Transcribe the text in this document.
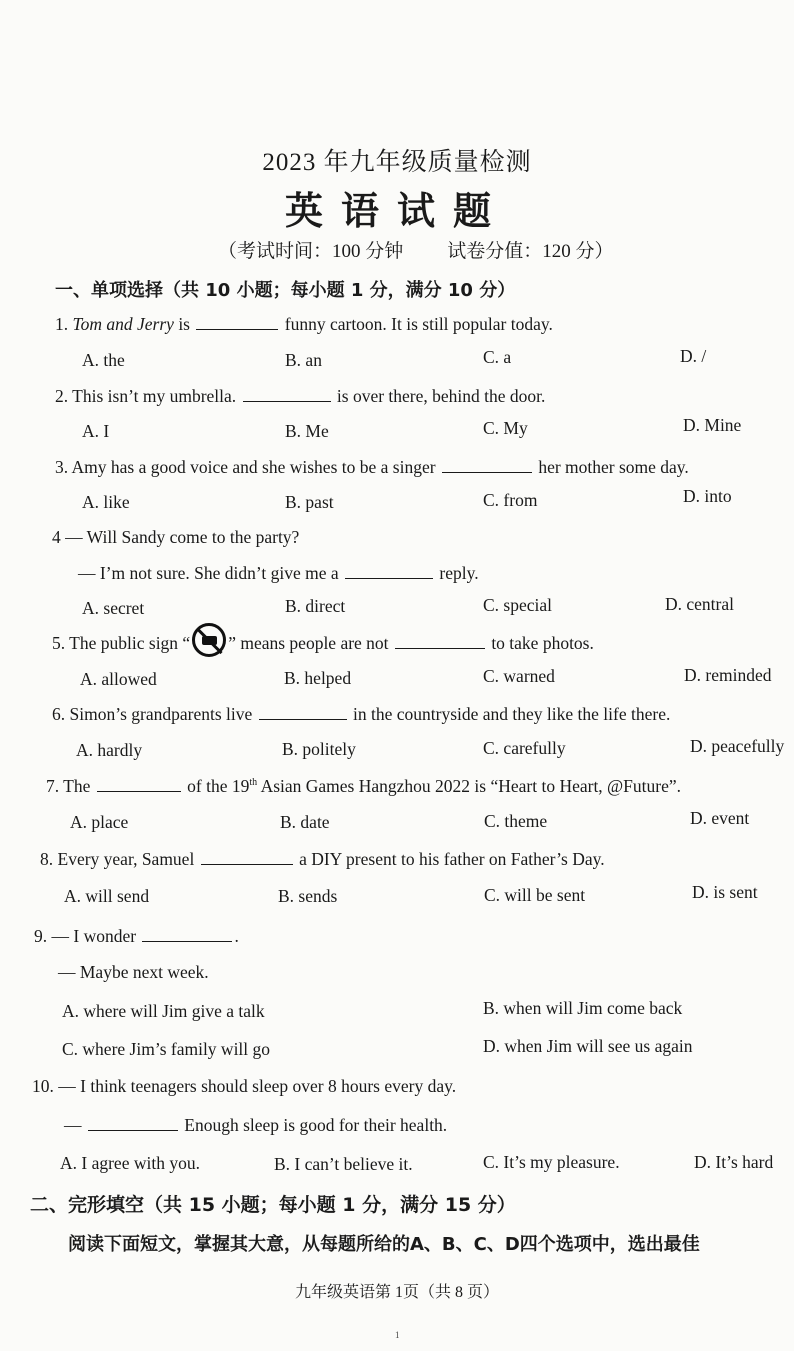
2023 年九年级质量检测
英语试题
（考试时间：100 分钟 试卷分值：120 分）
一、单项选择（共 10 小题；每小题 1 分，满分 10 分）
1. Tom and Jerry is	funny cartoon. It is still popular today.
A. the	B. an	C. a	D. /
2. This isn’t my umbrella.	is over there, behind the door.
A. I	B. Me	C. My	D. Mine
3. Amy has a good voice and she wishes to be a singer	her mother some day.
A. like	B. past	C. from	D. into
4 — Will Sandy come to the party?
— I’m not sure. She didn’t give me a	reply.
A. secret	B. direct	C. special	D. central
5. The public sign “ ” means people are not	to take photos.
A. allowed	B. helped	C. warned	D. reminded
6. Simon’s grandparents live	in the countryside and they like the life there.
A. hardly	B. politely	C. carefully	D. peacefully
7. The	of the 19th Asian Games Hangzhou 2022 is “Heart to Heart, @Future”.
A. place	B. date	C. theme	D. event
8. Every year, Samuel	a DIY present to his father on Father’s Day.
A. will send	B. sends	C. will be sent	D. is sent
9. — I wonder	.
— Maybe next week.
A. where will Jim give a talk	B. when will Jim come back
C. where Jim’s family will go	D. when Jim will see us again
10. — I think teenagers should sleep over 8 hours every day.
—	Enough sleep is good for their health.
A. I agree with you.	B. I can’t believe it.	C. It’s my pleasure.	D. It’s hard
二、完形填空（共 15 小题；每小题 1 分，满分 15 分）
阅读下面短文，掌握其大意，从每题所给的A、B、C、D四个选项中，选出最佳
九年级英语第 1页（共 8 页）
1
